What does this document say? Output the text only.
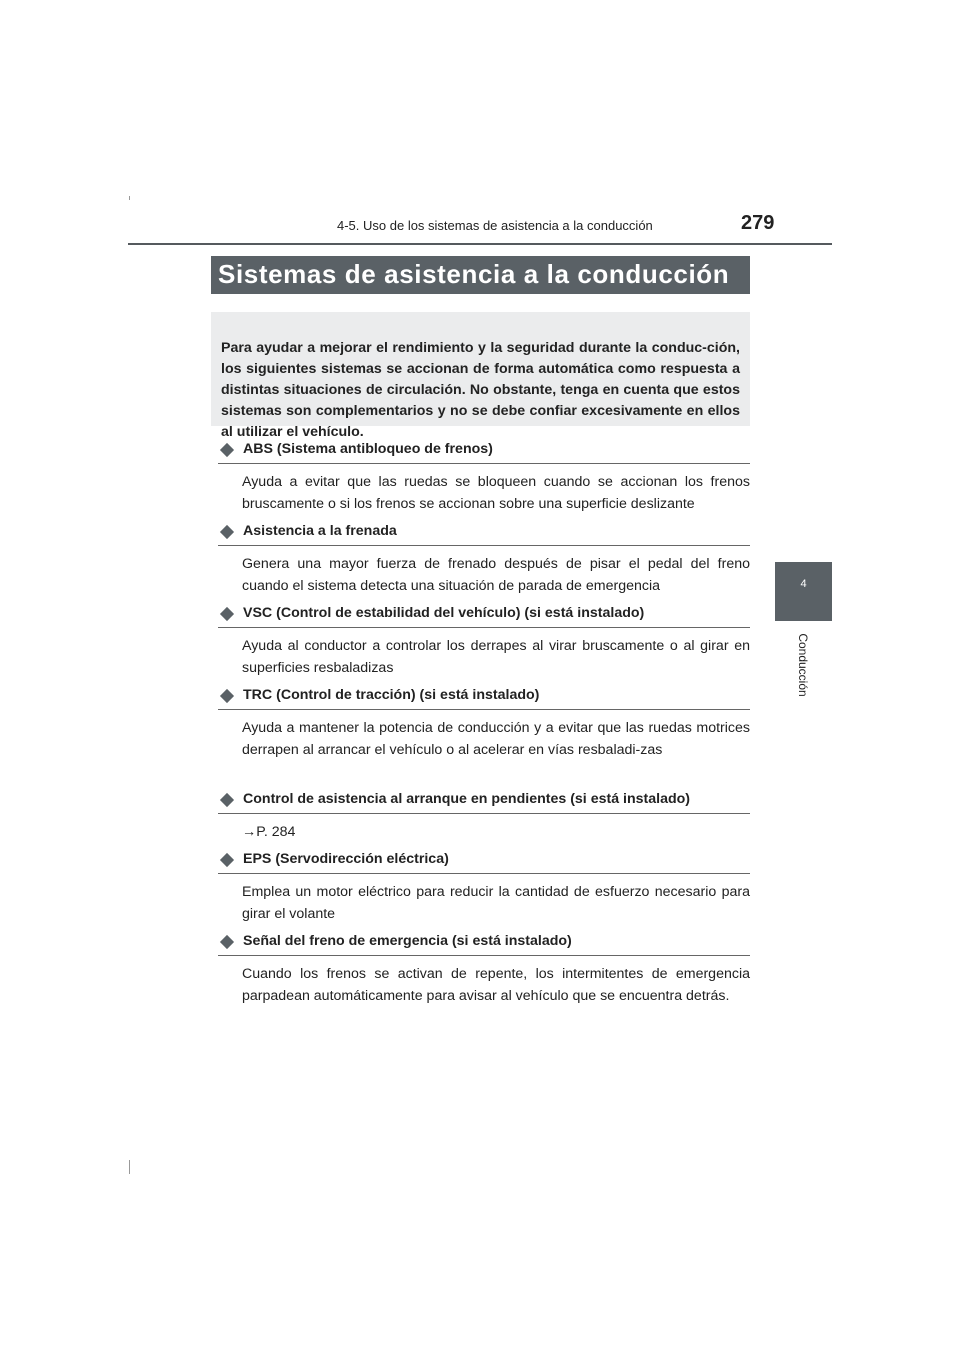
4-5. Uso de los sistemas de asistencia a la conducción	279
4
Conducción
Sistemas de asistencia a la conducción

Para ayudar a mejorar el rendimiento y la seguridad durante la conduc-ción, los siguientes sistemas se accionan de forma automática como respuesta a distintas situaciones de circulación. No obstante, tenga en cuenta que estos sistemas son complementarios y no se debe confiar excesivamente en ellos al utilizar el vehículo.

ABS (Sistema antibloqueo de frenos)
Ayuda a evitar que las ruedas se bloqueen cuando se accionan los frenos bruscamente o si los frenos se accionan sobre una superficie deslizante
Asistencia a la frenada
Genera una mayor fuerza de frenado después de pisar el pedal del freno cuando el sistema detecta una situación de parada de emergencia
VSC (Control de estabilidad del vehículo) (si está instalado)
Ayuda al conductor a controlar los derrapes al virar bruscamente o al girar en superficies resbaladizas
TRC (Control de tracción) (si está instalado)
Ayuda a mantener la potencia de conducción y a evitar que las ruedas motrices derrapen al arrancar el vehículo o al acelerar en vías resbaladi-zas
Control de asistencia al arranque en pendientes (si está instalado)
→P. 284
EPS (Servodirección eléctrica)
Emplea un motor eléctrico para reducir la cantidad de esfuerzo necesario para girar el volante
Señal del freno de emergencia (si está instalado)
Cuando los frenos se activan de repente, los intermitentes de emergencia parpadean automáticamente para avisar al vehículo que se encuentra detrás.
